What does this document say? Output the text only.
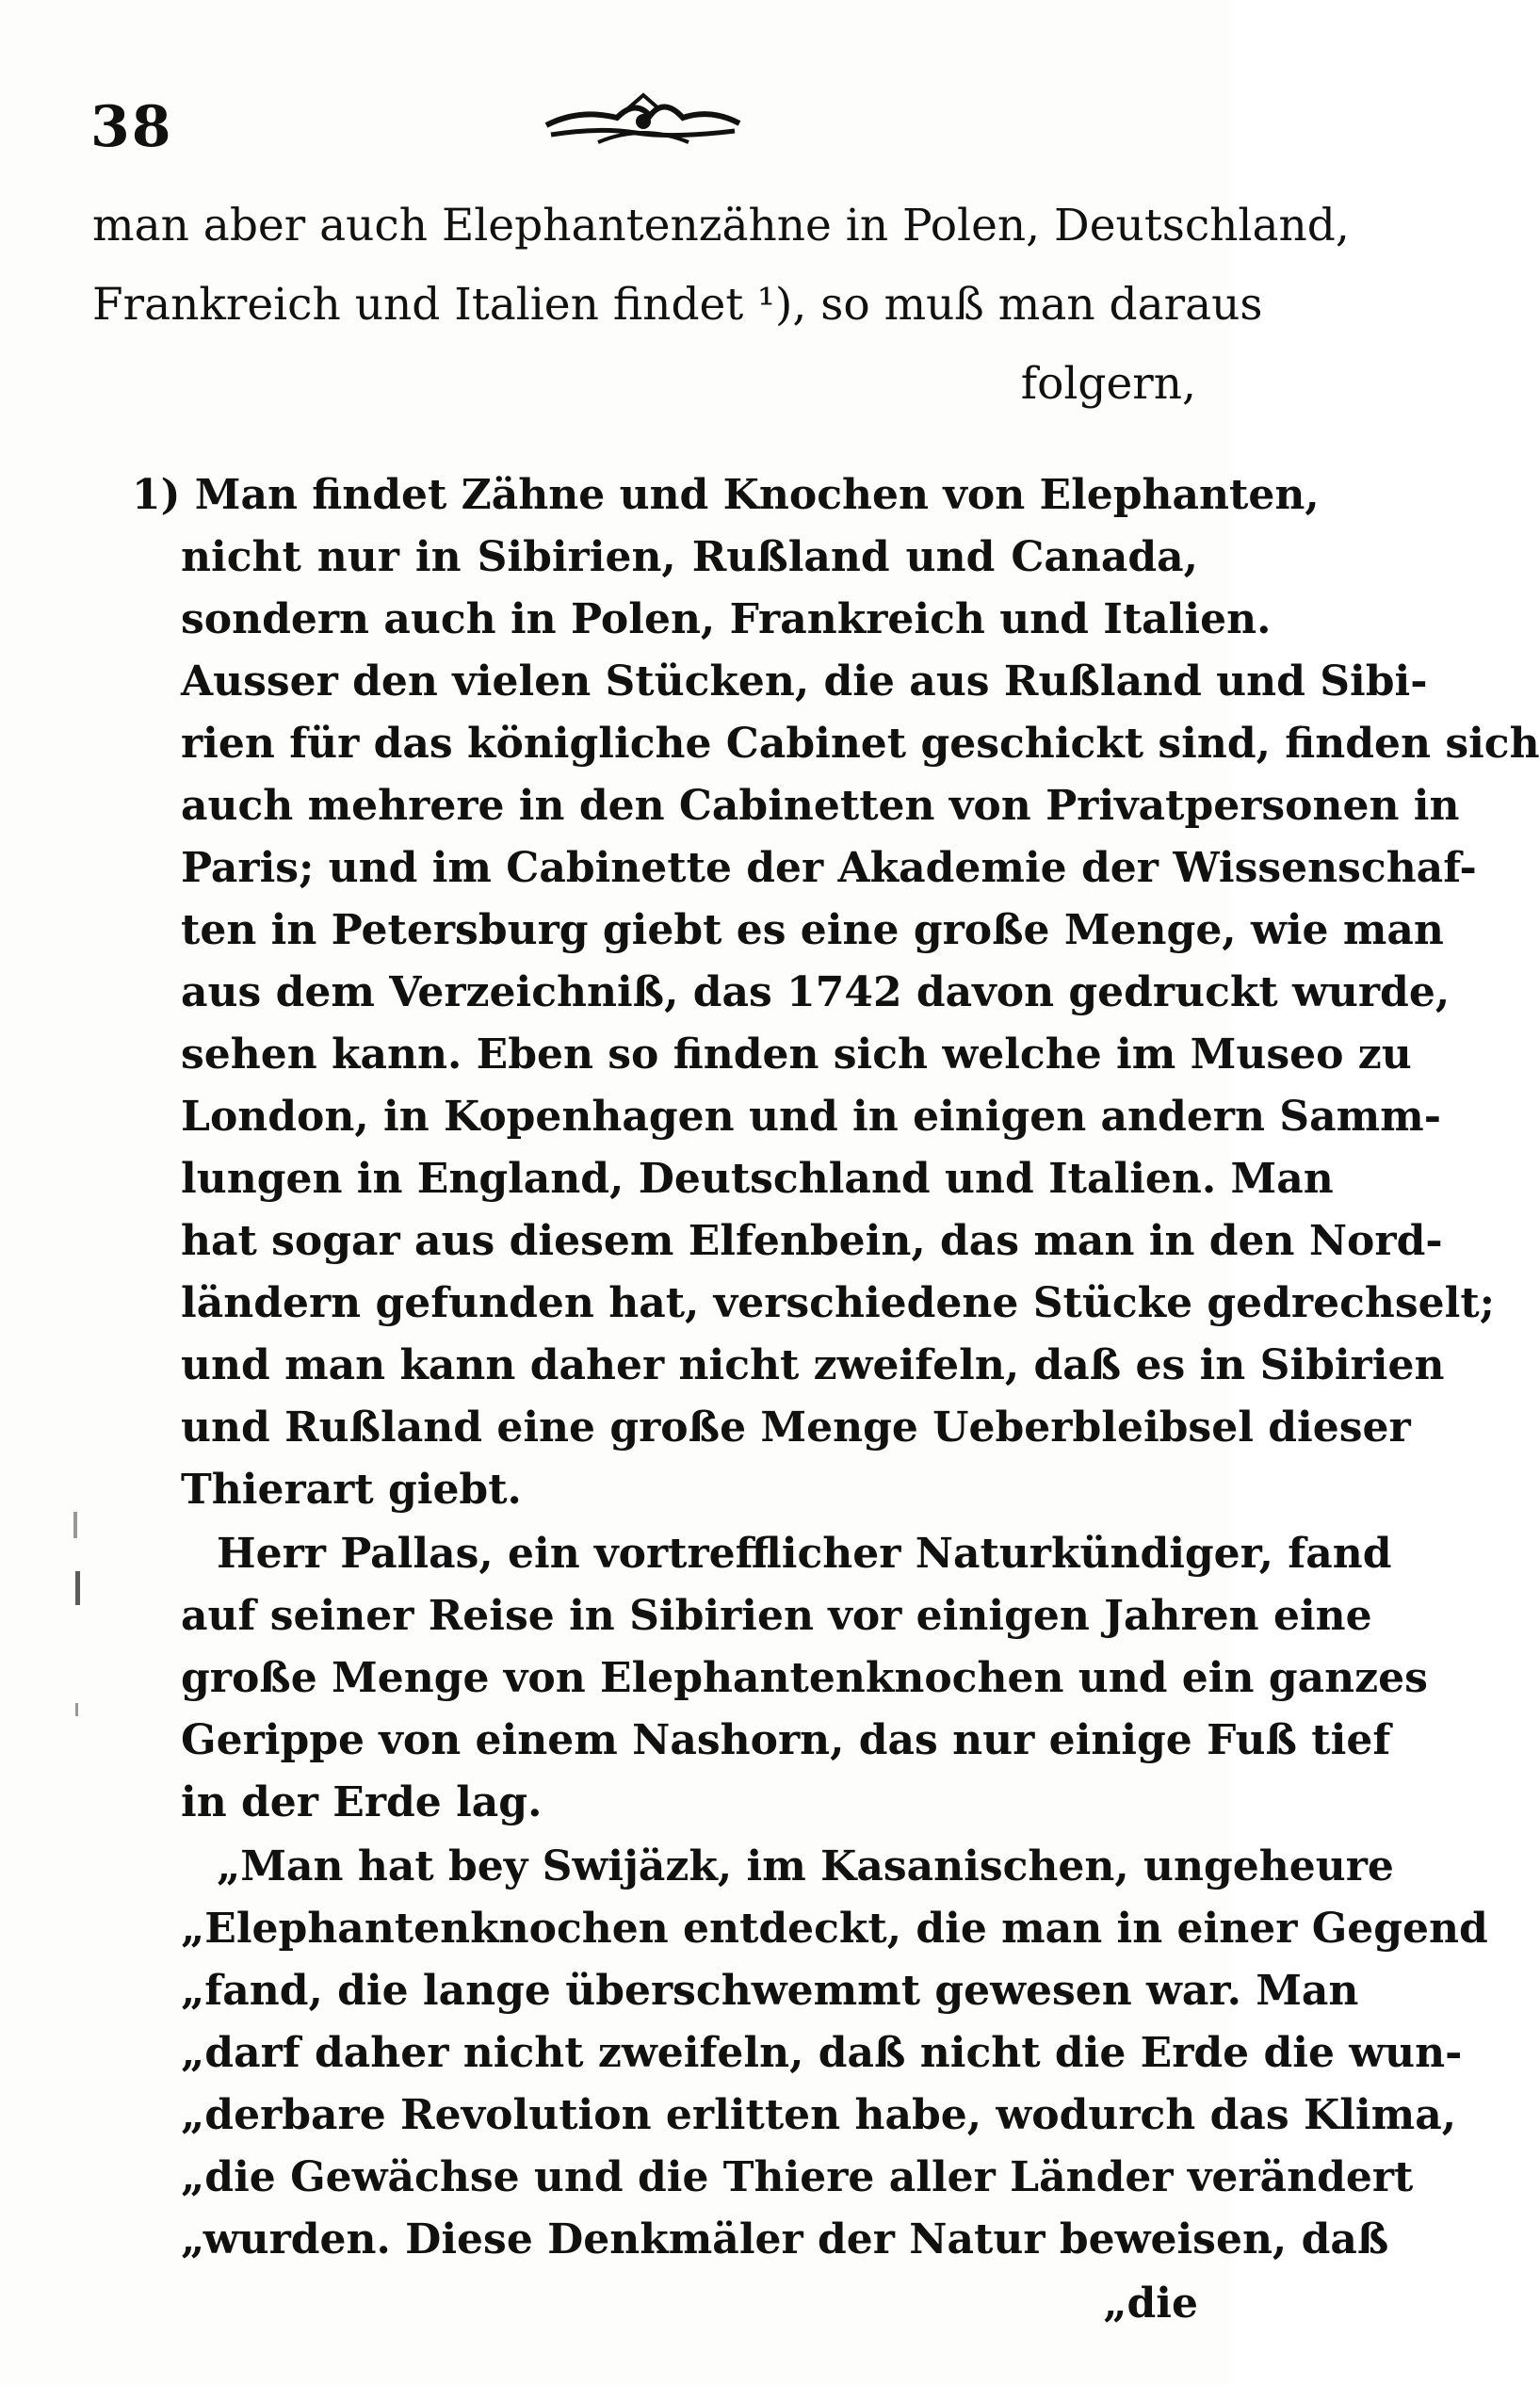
38
man aber auch Elephantenzähne in Polen, Deutschland,
Frankreich und Italien findet ¹), so muß man daraus
folgern,
1) Man findet Zähne und Knochen von Elephanten,
nicht nur in Sibirien, Rußland und Canada,
sondern auch in Polen, Frankreich und Italien.
Ausser den vielen Stücken, die aus Rußland und Sibi-
rien für das königliche Cabinet geschickt sind, finden sich
auch mehrere in den Cabinetten von Privatpersonen in
Paris; und im Cabinette der Akademie der Wissenschaf-
ten in Petersburg giebt es eine große Menge, wie man
aus dem Verzeichniß, das 1742 davon gedruckt wurde,
sehen kann. Eben so finden sich welche im Museo zu
London, in Kopenhagen und in einigen andern Samm-
lungen in England, Deutschland und Italien. Man
hat sogar aus diesem Elfenbein, das man in den Nord-
ländern gefunden hat, verschiedene Stücke gedrechselt;
und man kann daher nicht zweifeln, daß es in Sibirien
und Rußland eine große Menge Ueberbleibsel dieser
Thierart giebt.
Herr Pallas, ein vortrefflicher Naturkündiger, fand
auf seiner Reise in Sibirien vor einigen Jahren eine
große Menge von Elephantenknochen und ein ganzes
Gerippe von einem Nashorn, das nur einige Fuß tief
in der Erde lag.
„Man hat bey Swijäzk, im Kasanischen, ungeheure
„Elephantenknochen entdeckt, die man in einer Gegend
„fand, die lange überschwemmt gewesen war. Man
„darf daher nicht zweifeln, daß nicht die Erde die wun-
„derbare Revolution erlitten habe, wodurch das Klima,
„die Gewächse und die Thiere aller Länder verändert
„wurden. Diese Denkmäler der Natur beweisen, daß
„die
